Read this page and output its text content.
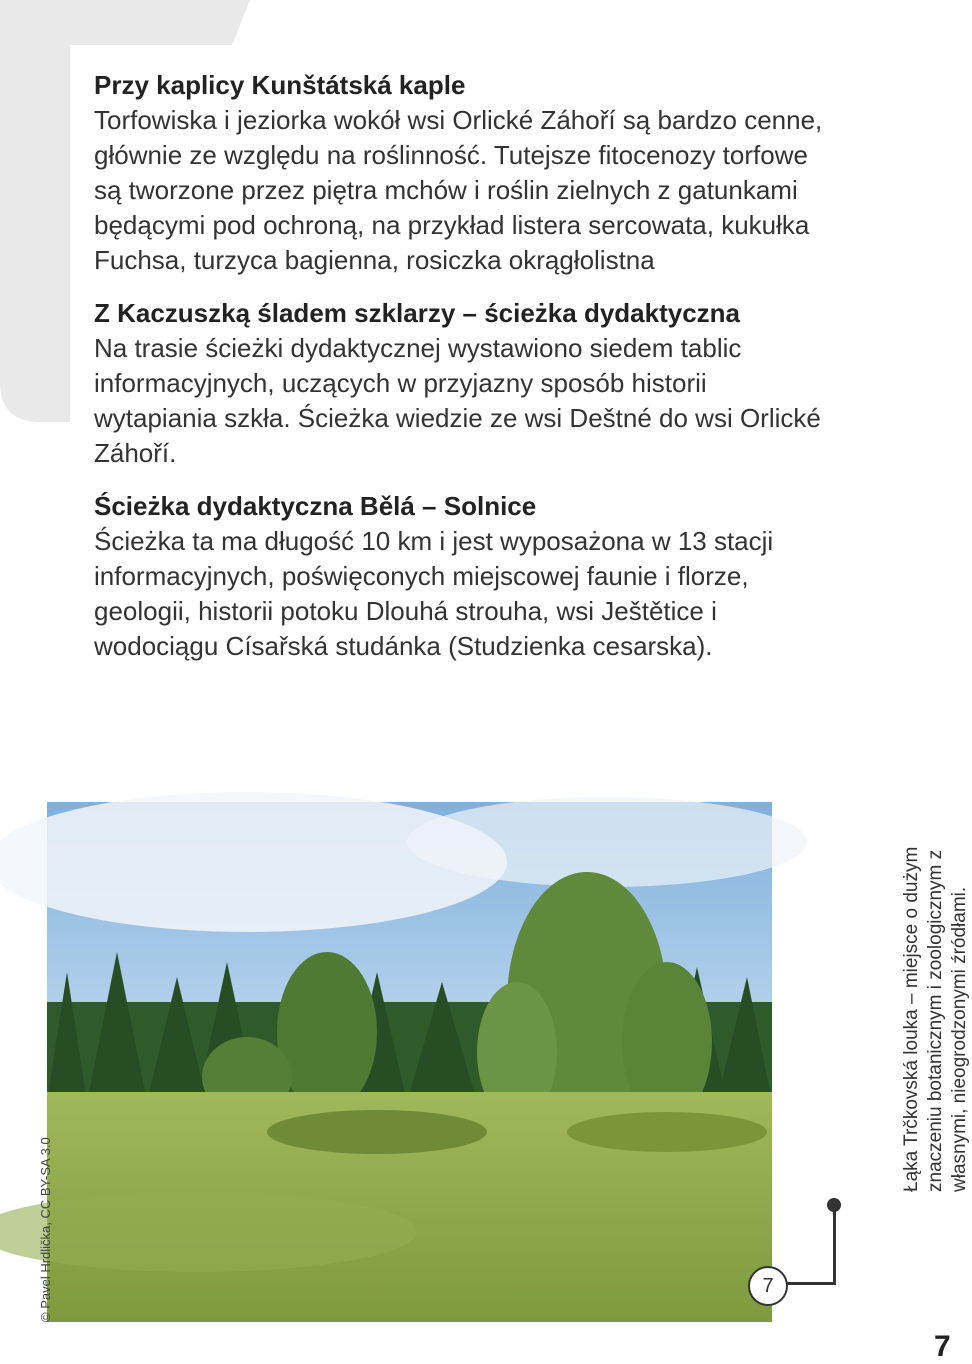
Przy kaplicy Kunštátská kaple

Torfowiska i jeziorka wokół wsi Orlické Záhoří są bardzo cenne, głównie ze względu na roślinność. Tutejsze fitocenozy torfowe są tworzone przez piętra mchów i roślin zielnych z gatunkami będącymi pod ochroną, na przykład listera sercowata, kukułka Fuchsa, turzyca bagienna, rosiczka okrągłolistna

Z Kaczuszką śladem szklarzy – ścieżka dydaktyczna

Na trasie ścieżki dydaktycznej wystawiono siedem tablic informacyjnych, uczących w przyjazny sposób historii wytapiania szkła. Ścieżka wiedzie ze wsi Deštné do wsi Orlické Záhoří.

Ścieżka dydaktyczna Bělá – Solnice

Ścieżka ta ma długość 10 km i jest wyposażona w 13 stacji informacyjnych, poświęconych miejscowej faunie i florze, geologii, historii potoku Dlouhá strouha, wsi Ještětice i wodociągu Císařská studánka (Studzienka cesarska).

© Pavel Hrdlička, CC BY-SA 3.0	7
Łąka Trčkovská louka – miejsce o dużym znaczeniu botanicznym i zoologicznym z własnymi, nieogrodzonymi źródłami.
7
